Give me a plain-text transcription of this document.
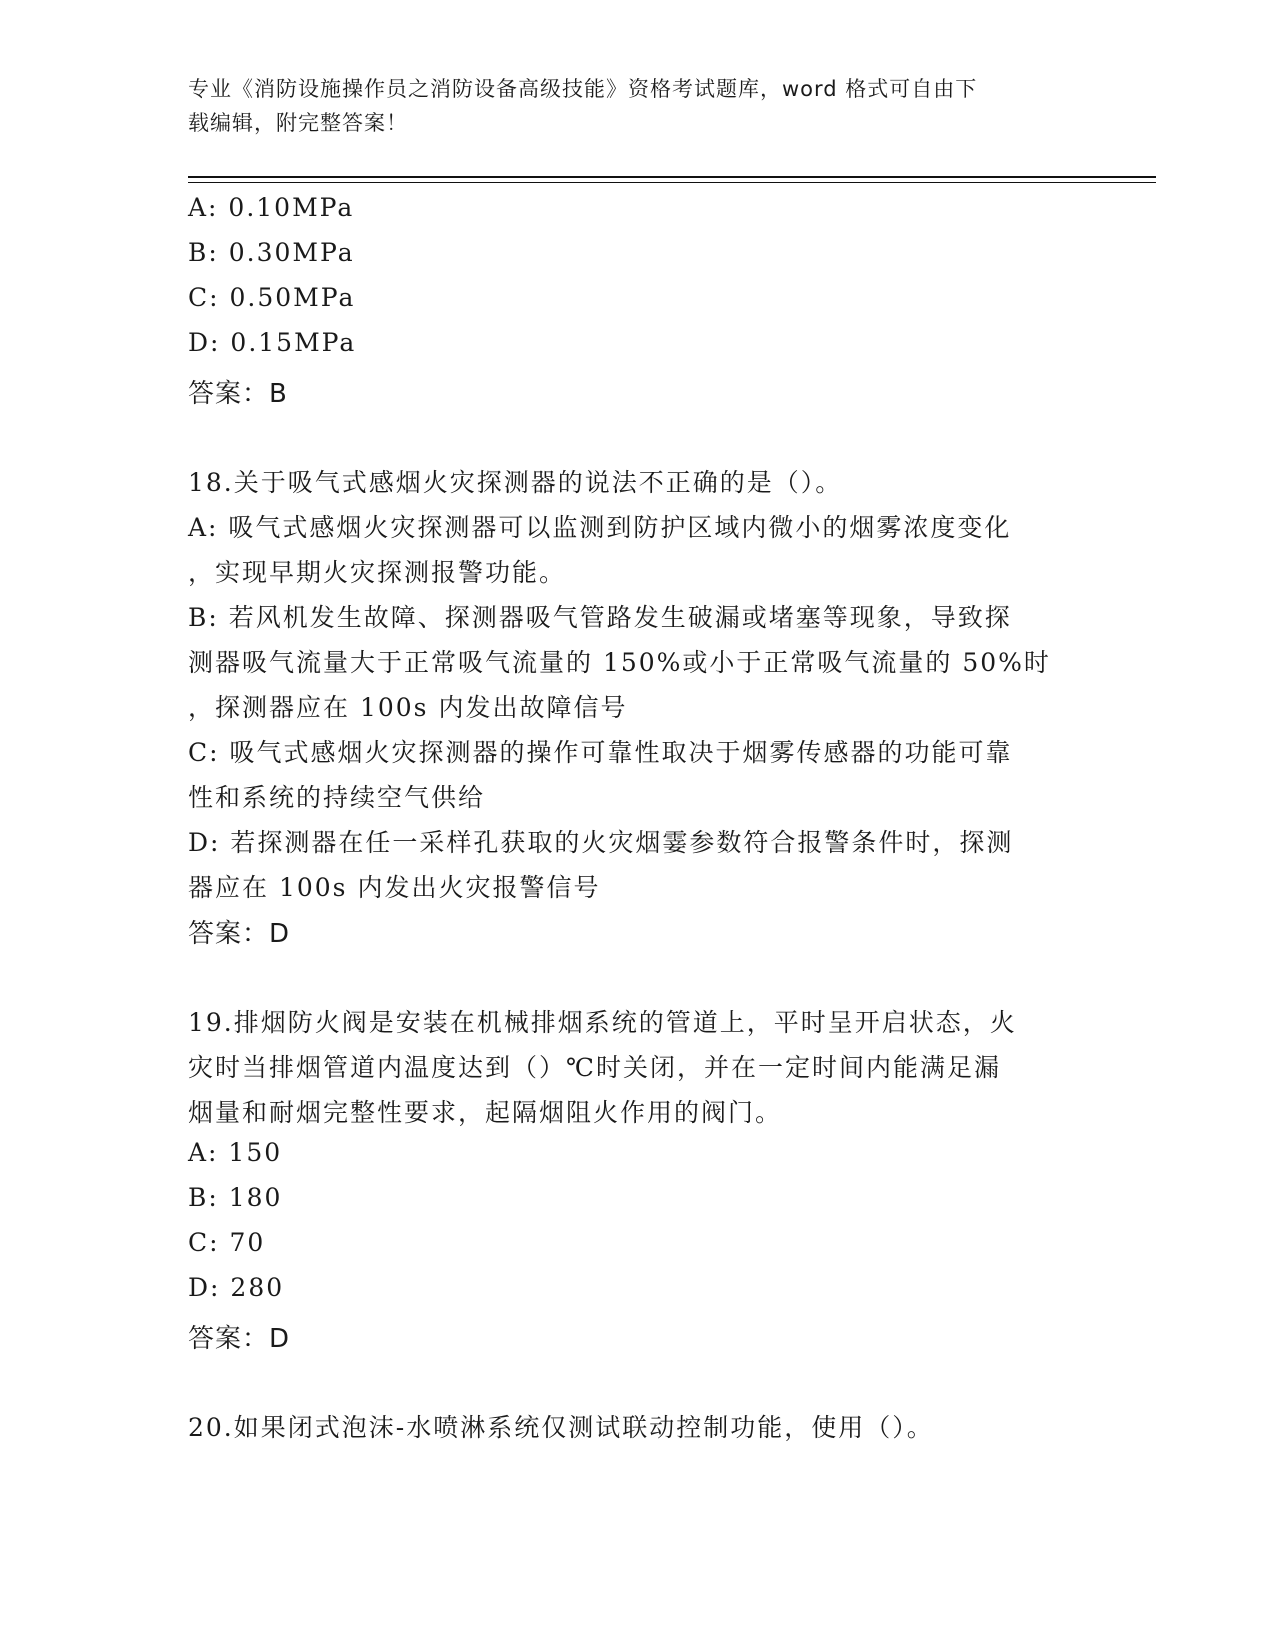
专业《消防设施操作员之消防设备高级技能》资格考试题库，word 格式可自由下
载编辑，附完整答案！
A: 0.10MPa
B: 0.30MPa
C: 0.50MPa
D: 0.15MPa
答案：B
18.关于吸气式感烟火灾探测器的说法不正确的是（）。
A: 吸气式感烟火灾探测器可以监测到防护区域内微小的烟雾浓度变化
，实现早期火灾探测报警功能。
B: 若风机发生故障、探测器吸气管路发生破漏或堵塞等现象，导致探
测器吸气流量大于正常吸气流量的 150%或小于正常吸气流量的 50%时
，探测器应在 100s 内发出故障信号
C: 吸气式感烟火灾探测器的操作可靠性取决于烟雾传感器的功能可靠
性和系统的持续空气供给
D: 若探测器在任一采样孔获取的火灾烟霎参数符合报警条件时，探测
器应在 100s 内发出火灾报警信号
答案：D
19.排烟防火阀是安装在机械排烟系统的管道上，平时呈开启状态，火
灾时当排烟管道内温度达到（）℃时关闭，并在一定时间内能满足漏
烟量和耐烟完整性要求，起隔烟阻火作用的阀门。
A: 150
B: 180
C: 70
D: 280
答案：D
20.如果闭式泡沫-水喷淋系统仅测试联动控制功能，使用（）。
